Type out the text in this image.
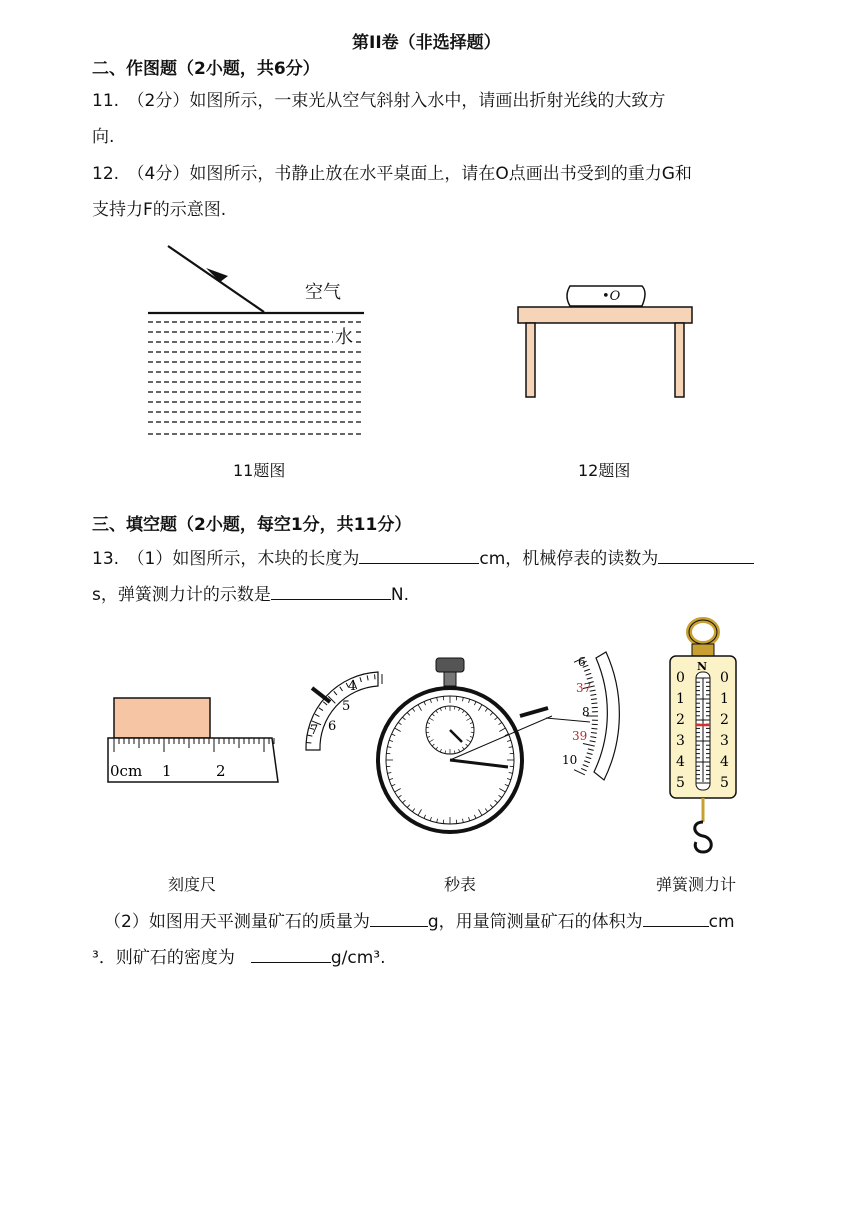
第II卷（非选择题）
二、作图题（2小题，共6分）
11.　（2分）如图所示，一束光从空气斜射入水中，请画出折射光线的大致方
向.
12.　（4分）如图所示，书静止放在水平桌面上，请在O点画出书受到的重力G和
支持力F的示意图.
空气
水
11题图
•O
12题图
三、填空题（2小题，每空1分，共11分）
13.　（1）如图所示，木块的长度为	cm，机械停表的读数为
s，弹簧测力计的示数是	N.
0cm 1	2
刻度尺
4
5
6
7
6
37
8
39
10
秒表
N
0
1
2
3
4
5
0
1
2
3
4
5
弹簧测力计
（2）如图用天平测量矿石的质量为	g，用量筒测量矿石的体积为	cm
³．则矿石的密度为	g/cm³.
